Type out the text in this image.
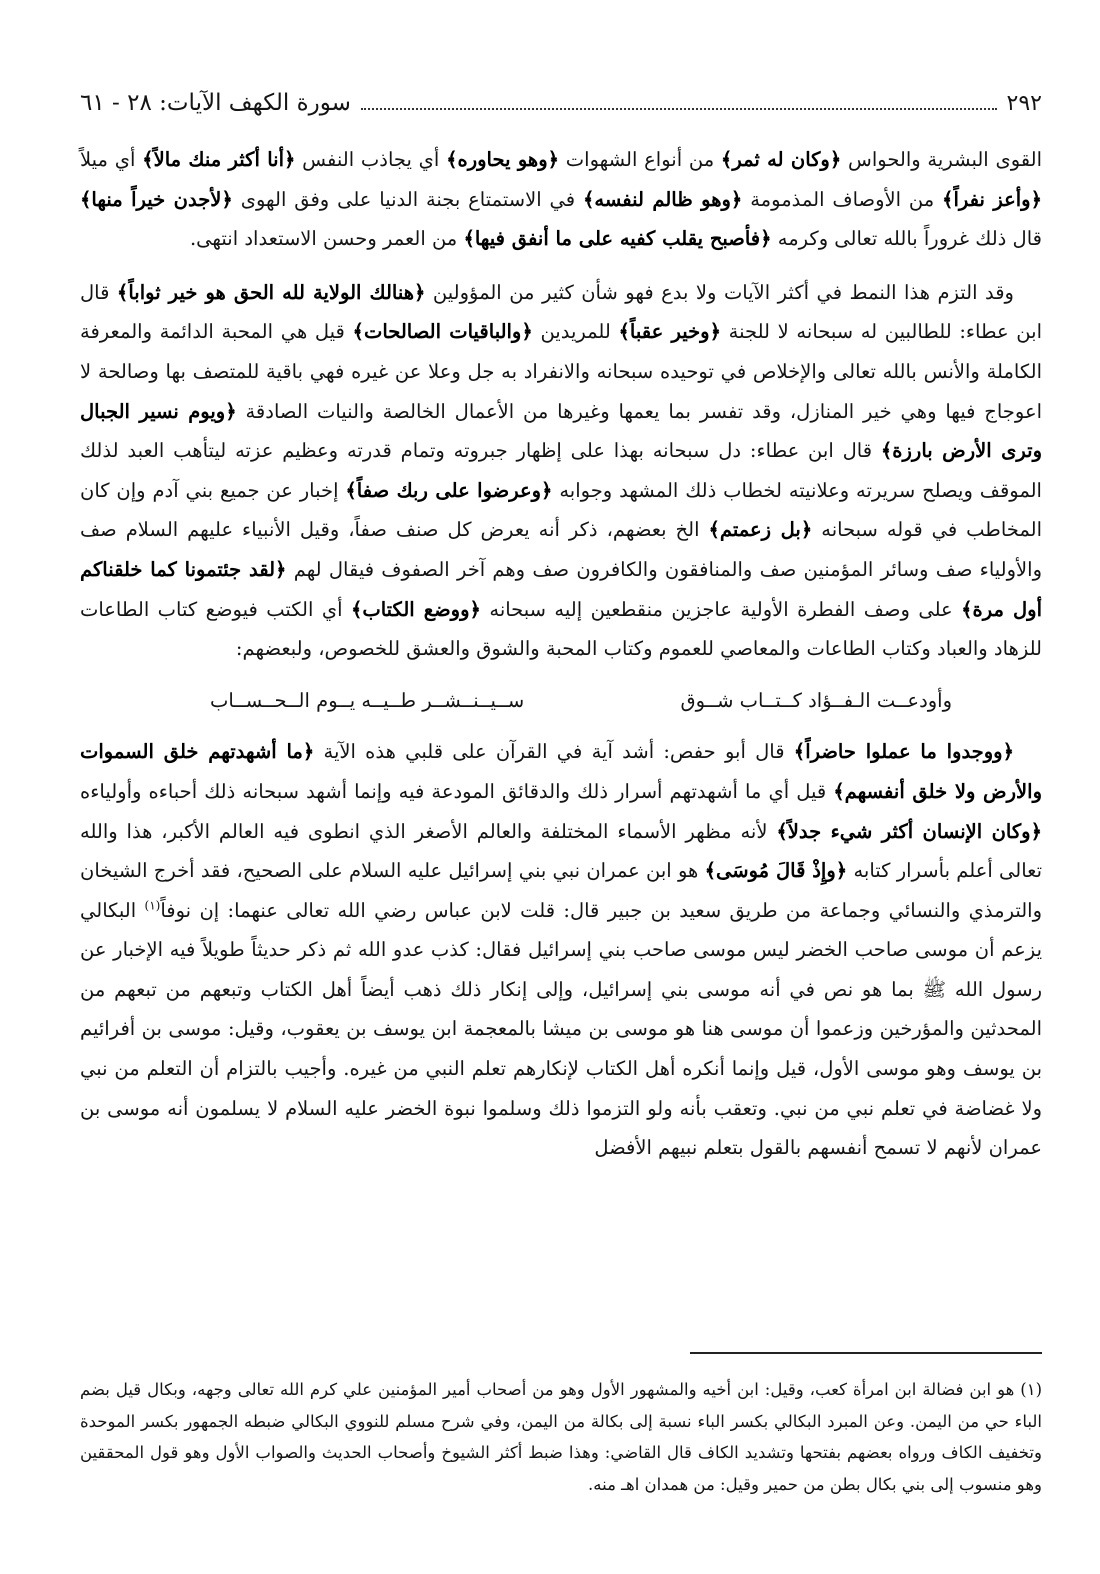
٢٩٢
سورة الكهف الآيات: ٢٨ - ٦١

القوى البشرية والحواس ﴿وكان له ثمر﴾ من أنواع الشهوات ﴿وهو يحاوره﴾ أي يجاذب النفس ﴿أنا أكثر منك مالاً﴾ أي ميلاً ﴿وأعز نفراً﴾ من الأوصاف المذمومة ﴿وهو ظالم لنفسه﴾ في الاستمتاع بجنة الدنيا على وفق الهوى ﴿لأجدن خيراً منها﴾ قال ذلك غروراً بالله تعالى وكرمه ﴿فأصبح يقلب كفيه على ما أنفق فيها﴾ من العمر وحسن الاستعداد انتهى.

وقد التزم هذا النمط في أكثر الآيات ولا بدع فهو شأن كثير من المؤولين ﴿هنالك الولاية لله الحق هو خير ثواباً﴾ قال ابن عطاء: للطالبين له سبحانه لا للجنة ﴿وخير عقباً﴾ للمريدين ﴿والباقيات الصالحات﴾ قيل هي المحبة الدائمة والمعرفة الكاملة والأنس بالله تعالى والإخلاص في توحيده سبحانه والانفراد به جل وعلا عن غيره فهي باقية للمتصف بها وصالحة لا اعوجاج فيها وهي خير المنازل، وقد تفسر بما يعمها وغيرها من الأعمال الخالصة والنيات الصادقة ﴿ويوم نسير الجبال وترى الأرض بارزة﴾ قال ابن عطاء: دل سبحانه بهذا على إظهار جبروته وتمام قدرته وعظيم عزته ليتأهب العبد لذلك الموقف ويصلح سريرته وعلانيته لخطاب ذلك المشهد وجوابه ﴿وعرضوا على ربك صفاً﴾ إخبار عن جميع بني آدم وإن كان المخاطب في قوله سبحانه ﴿بل زعمتم﴾ الخ بعضهم، ذكر أنه يعرض كل صنف صفاً، وقيل الأنبياء عليهم السلام صف والأولياء صف وسائر المؤمنين صف والمنافقون والكافرون صف وهم آخر الصفوف فيقال لهم ﴿لقد جئتمونا كما خلقناكم أول مرة﴾ على وصف الفطرة الأولية عاجزين منقطعين إليه سبحانه ﴿ووضع الكتاب﴾ أي الكتب فيوضع كتاب الطاعات للزهاد والعباد وكتاب الطاعات والمعاصي للعموم وكتاب المحبة والشوق والعشق للخصوص، ولبعضهم:

وأودعــت الـفــؤاد كــتــاب شــوق
ســيــنــشــر طــيــه يــوم الــحــســاب

﴿ووجدوا ما عملوا حاضراً﴾ قال أبو حفص: أشد آية في القرآن على قلبي هذه الآية ﴿ما أشهدتهم خلق السموات والأرض ولا خلق أنفسهم﴾ قيل أي ما أشهدتهم أسرار ذلك والدقائق المودعة فيه وإنما أشهد سبحانه ذلك أحباءه وأولياءه ﴿وكان الإنسان أكثر شيء جدلاً﴾ لأنه مظهر الأسماء المختلفة والعالم الأصغر الذي انطوى فيه العالم الأكبر، هذا والله تعالى أعلم بأسرار كتابه ﴿وإِذْ قَالَ مُوسَى﴾ هو ابن عمران نبي بني إسرائيل عليه السلام على الصحيح، فقد أخرج الشيخان والترمذي والنسائي وجماعة من طريق سعيد بن جبير قال: قلت لابن عباس رضي الله تعالى عنهما: إن نوفاً$^{(١)}$ البكالي يزعم أن موسى صاحب الخضر ليس موسى صاحب بني إسرائيل فقال: كذب عدو الله ثم ذكر حديثاً طويلاً فيه الإخبار عن رسول الله ﷺ بما هو نص في أنه موسى بني إسرائيل، وإلى إنكار ذلك ذهب أيضاً أهل الكتاب وتبعهم من تبعهم من المحدثين والمؤرخين وزعموا أن موسى هنا هو موسى بن ميشا بالمعجمة ابن يوسف بن يعقوب، وقيل: موسى بن أفرائيم بن يوسف وهو موسى الأول، قيل وإنما أنكره أهل الكتاب لإنكارهم تعلم النبي من غيره. وأجيب بالتزام أن التعلم من نبي ولا غضاضة في تعلم نبي من نبي. وتعقب بأنه ولو التزموا ذلك وسلموا نبوة الخضر عليه السلام لا يسلمون أنه موسى بن عمران لأنهم لا تسمح أنفسهم بالقول بتعلم نبيهم الأفضل

(١) هو ابن فضالة ابن امرأة كعب، وقيل: ابن أخيه والمشهور الأول وهو من أصحاب أمير المؤمنين علي كرم الله تعالى وجهه، وبكال قيل بضم الباء حي من اليمن. وعن المبرد البكالي بكسر الباء نسبة إلى بكالة من اليمن، وفي شرح مسلم للنووي البكالي ضبطه الجمهور بكسر الموحدة وتخفيف الكاف ورواه بعضهم بفتحها وتشديد الكاف قال القاضي: وهذا ضبط أكثر الشيوخ وأصحاب الحديث والصواب الأول وهو قول المحققين وهو منسوب إلى بني بكال بطن من حمير وقيل: من همدان اهـ منه.
